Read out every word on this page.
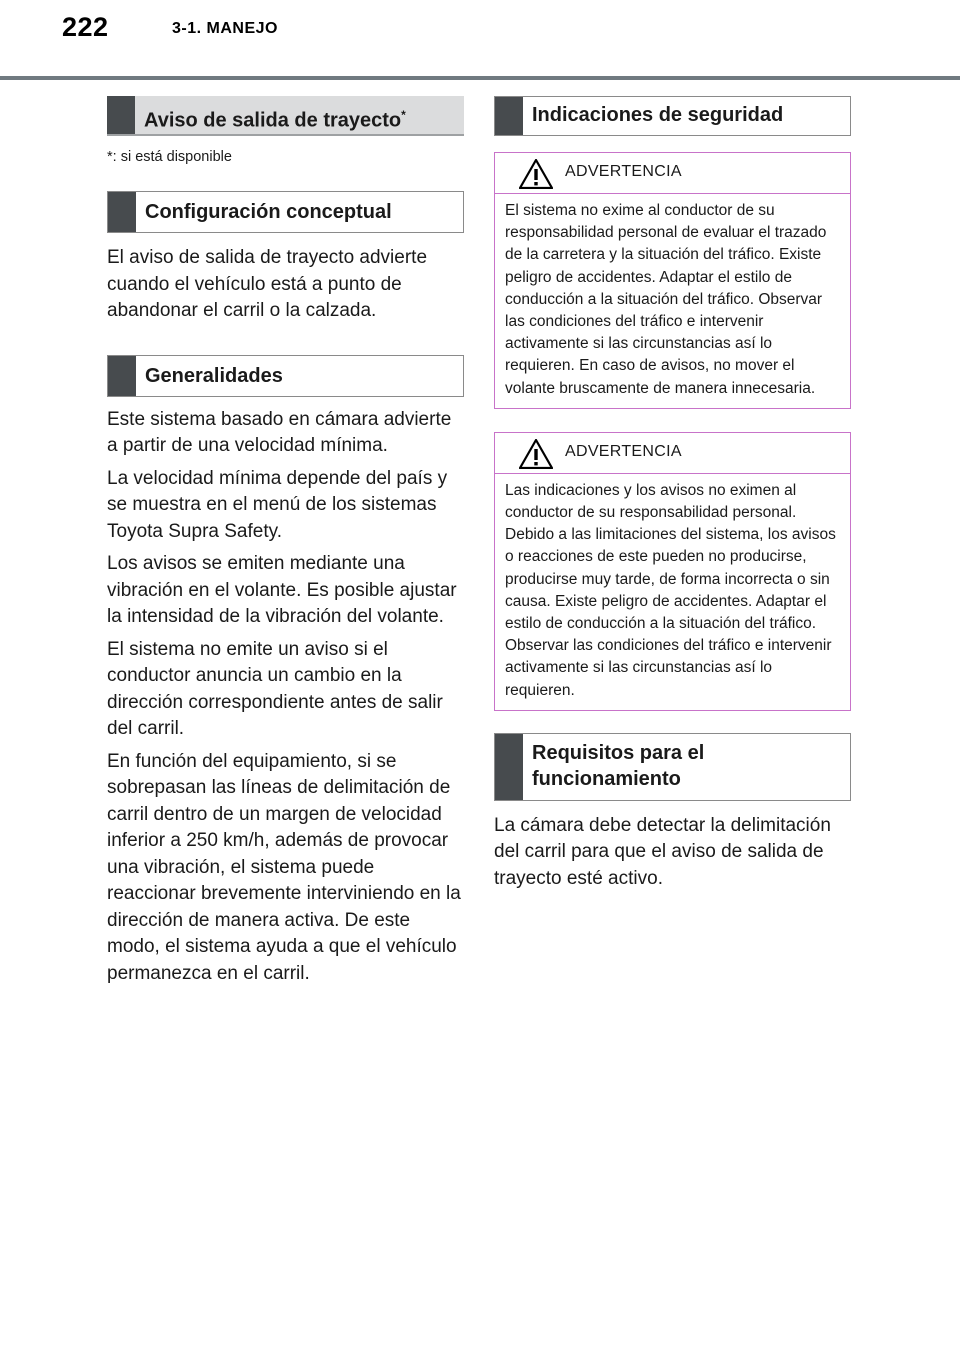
222	3-1. MANEJO
Aviso de salida de trayecto*

*: si está disponible

Configuración conceptual

El aviso de salida de trayecto advierte cuando el vehículo está a punto de abandonar el carril o la calzada.

Generalidades

Este sistema basado en cámara advierte a partir de una velocidad mínima.

La velocidad mínima depende del país y se muestra en el menú de los sistemas Toyota Supra Safety.

Los avisos se emiten mediante una vibración en el volante. Es posible ajustar la intensidad de la vibración del volante.

El sistema no emite un aviso si el conductor anuncia un cambio en la dirección correspondiente antes de salir del carril.

En función del equipamiento, si se sobrepasan las líneas de delimitación de carril dentro de un margen de velocidad inferior a 250 km/h, además de provocar una vibración, el sistema puede reaccionar brevemente interviniendo en la dirección de manera activa. De este modo, el sistema ayuda a que el vehículo permanezca en el carril.

Indicaciones de seguridad
ADVERTENCIA
El sistema no exime al conductor de su responsabilidad personal de evaluar el trazado de la carretera y la situación del tráfico. Existe peligro de accidentes. Adaptar el estilo de conducción a la situación del tráfico. Observar las condiciones del tráfico e intervenir activamente si las circunstancias así lo requieren. En caso de avisos, no mover el volante bruscamente de manera innecesaria.
ADVERTENCIA
Las indicaciones y los avisos no eximen al conductor de su responsabilidad personal. Debido a las limitaciones del sistema, los avisos o reacciones de este pueden no producirse, producirse muy tarde, de forma incorrecta o sin causa. Existe peligro de accidentes. Adaptar el estilo de conducción a la situación del tráfico. Observar las condiciones del tráfico e intervenir activamente si las circunstancias así lo requieren.
Requisitos para el funcionamiento

La cámara debe detectar la delimitación del carril para que el aviso de salida de trayecto esté activo.
